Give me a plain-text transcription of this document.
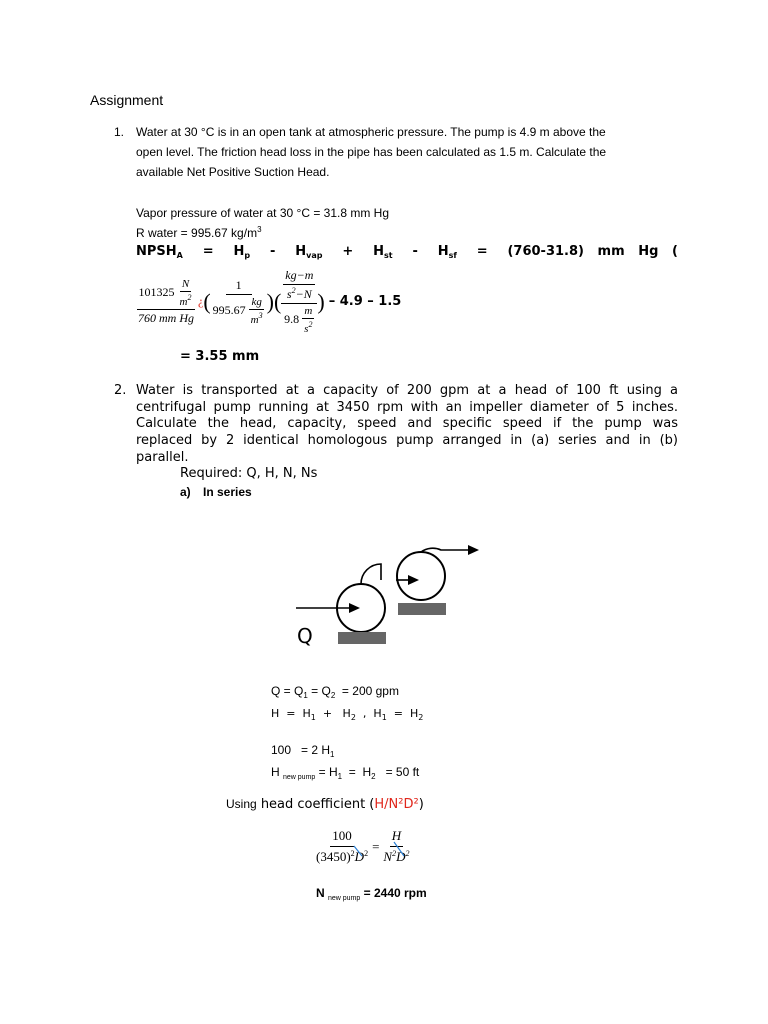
Assignment
1. Water at 30 °C is in an open tank at atmospheric pressure. The pump is 4.9 m above the
open level. The friction head loss in the pipe has been calculated as 1.5 m. Calculate the
available Net Positive Suction Head.
Vapor pressure of water at 30 °C = 31.8 mm Hg
R water = 995.67 $kg/m^3$
$NPSH_A = H_p - H_{vap} + H_{st} - H_{sf} = (760-31.8)$   mm   Hg   (
$\frac{101325 \frac{N}{m^2}}{\text{760 mm Hg}}$ ¿ ( $\frac{1}{995.67 \frac{kg}{m^3}}$ ) ( $\frac{\frac{kg-m}{s^2-N}}{9.8 \frac{m}{s^2}}$ ) – 4.9 – 1.5
= 3.55 mm
2. Water is transported at a capacity of 200 gpm at a head of 100 ft using a
centrifugal pump running at 3450 rpm with an impeller diameter of 5 inches.
Calculate the head, capacity, speed and specific speed if the pump was
replaced by 2 identical homologous pump arranged in (a) series and in (b)
parallel.
Required: Q, H, N, Ns
a) In series
Q
$Q = Q_1 = Q_2 = 200$ gpm
$H = H_1 + H_2$  ,  $H_1 = H_2$
100   = 2 $H_1$
H $_{new pump} = H_1 = H_2 = 50$ ft
Using head coefficient (H/N²D²)
$\frac{100}{(3450)^2D^2} = \frac{H}{N^2D^2}$
N $_{new pump}$ = 2440 rpm
